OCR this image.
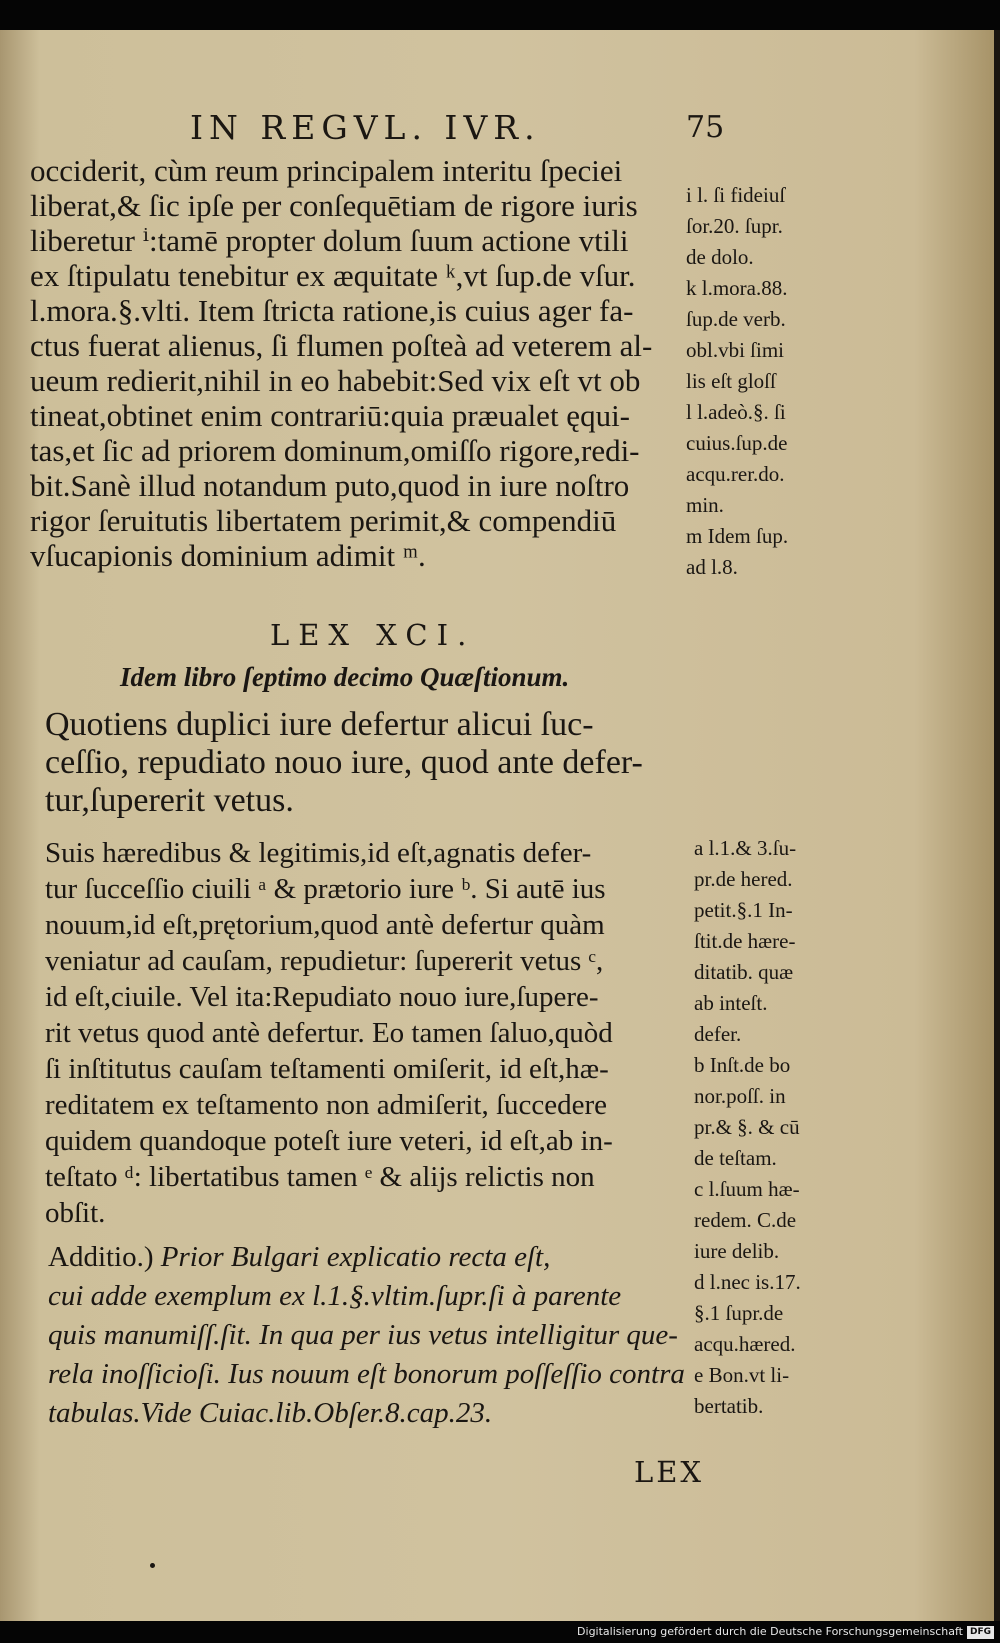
IN REGVL. IVR.	75
occiderit, cùm reum principalem interitu ſpeciei
liberat,& ſic ipſe per conſequētiam de rigore iuris
liberetur ⁱ:tamē propter dolum ſuum actione vtili
ex ſtipulatu tenebitur ex æquitate ᵏ,vt ſup.de vſur.
l.mora.§.vlti. Item ſtricta ratione,is cuius ager fa-
ctus fuerat alienus, ſi flumen poſteà ad veterem al-
ueum redierit,nihil in eo habebit:Sed vix eſt vt ob
tineat,obtinet enim contrariū:quia præualet ęqui-
tas,et ſic ad priorem dominum,omiſſo rigore,redi-
bit.Sanè illud notandum puto,quod in iure noſtro
rigor ſeruitutis libertatem perimit,& compendiū
vſucapionis dominium adimit ᵐ.
i l. ſi fideiuſ
ſor.20. ſupr.
de dolo.
k l.mora.88.
ſup.de verb.
obl.vbi ſimi
lis eſt gloſſ
l l.adeò.§. ſi
cuius.ſup.de
acqu.rer.do.
min.
m Idem ſup.
ad l.8.
LEX XCI.
Idem libro ſeptimo decimo Quæſtionum.
Quotiens duplici iure defertur alicui ſuc-
ceſſio, repudiato nouo iure, quod ante defer-
tur,ſupererit vetus.
Suis hæredibus & legitimis,id eſt,agnatis defer-
tur ſucceſſio ciuili ᵃ & prætorio iure ᵇ. Si autē ius
nouum,id eſt,prętorium,quod antè defertur quàm
veniatur ad cauſam, repudietur: ſupererit vetus ᶜ,
id eſt,ciuile. Vel ita:Repudiato nouo iure,ſupere-
rit vetus quod antè defertur. Eo tamen ſaluo,quòd
ſi inſtitutus cauſam teſtamenti omiſerit, id eſt,hæ-
reditatem ex teſtamento non admiſerit, ſuccedere
quidem quandoque poteſt iure veteri, id eſt,ab in-
teſtato ᵈ: libertatibus tamen ᵉ & alijs relictis non
obſit.
a l.1.& 3.ſu-
pr.de hered.
petit.§.1 In-
ſtit.de hære-
ditatib. quæ
ab inteſt.
defer.
b Inſt.de bo
nor.poſſ. in
pr.& §. & cū
de teſtam.
c l.ſuum hæ-
redem. C.de
iure delib.
d l.nec is.17.
§.1 ſupr.de
acqu.hæred.
e Bon.vt li-
bertatib.
Additio.) Prior Bulgari explicatio recta eſt,
cui adde exemplum ex l.1.§.vltim.ſupr.ſi à parente
quis manumiſſ.ſit. In qua per ius vetus intelligitur que-
rela inoſſicioſi. Ius nouum eſt bonorum poſſeſſio contra
tabulas.Vide Cuiac.lib.Obſer.8.cap.23.
LEX
Digitalisierung gefördert durch die Deutsche Forschungsgemeinschaft DFG
